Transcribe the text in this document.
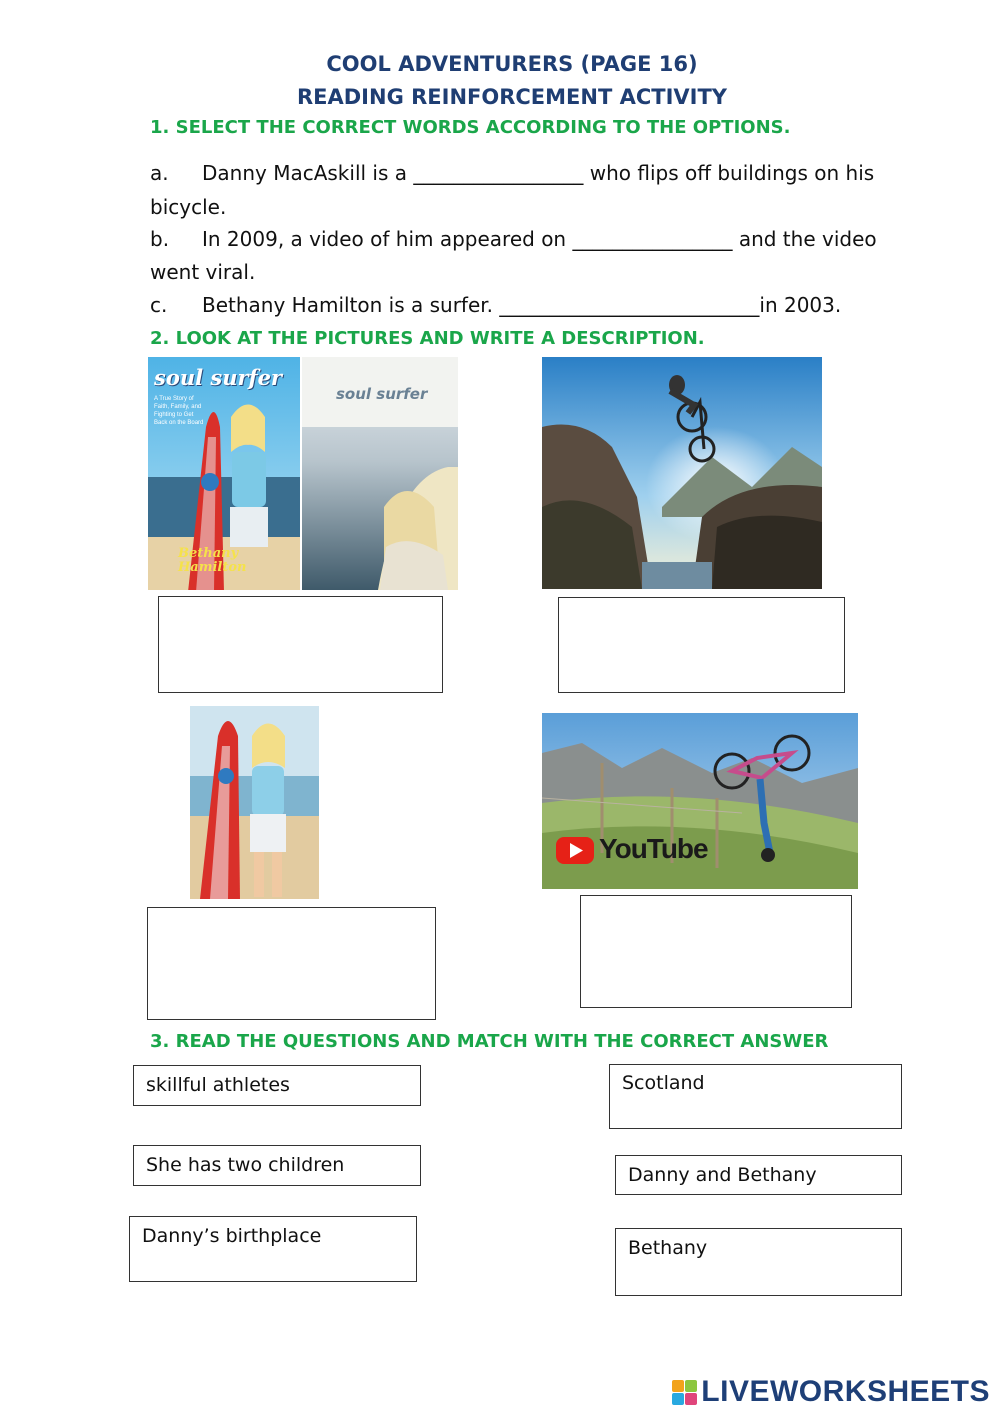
COOL ADVENTURERS (PAGE 16)
READING REINFORCEMENT ACTIVITY
1. SELECT THE CORRECT WORDS ACCORDING TO THE OPTIONS.
a. Danny MacAskill is a _________________ who flips off buildings on his
bicycle.
b. In 2009, a video of him appeared on ________________ and the video
went viral.
c. Bethany Hamilton is a surfer. __________________________in 2003.
2. LOOK AT THE PICTURES AND WRITE A DESCRIPTION.
soul surfer
A True Story of Faith, Family, and Fighting to Get Back on the Board
Bethany Hamilton
soul surfer
YouTube
3. READ THE QUESTIONS AND MATCH WITH THE CORRECT ANSWER
skillful athletes
She has two children
Danny’s birthplace
Scotland
Danny and Bethany
Bethany
LIVEWORKSHEETS
